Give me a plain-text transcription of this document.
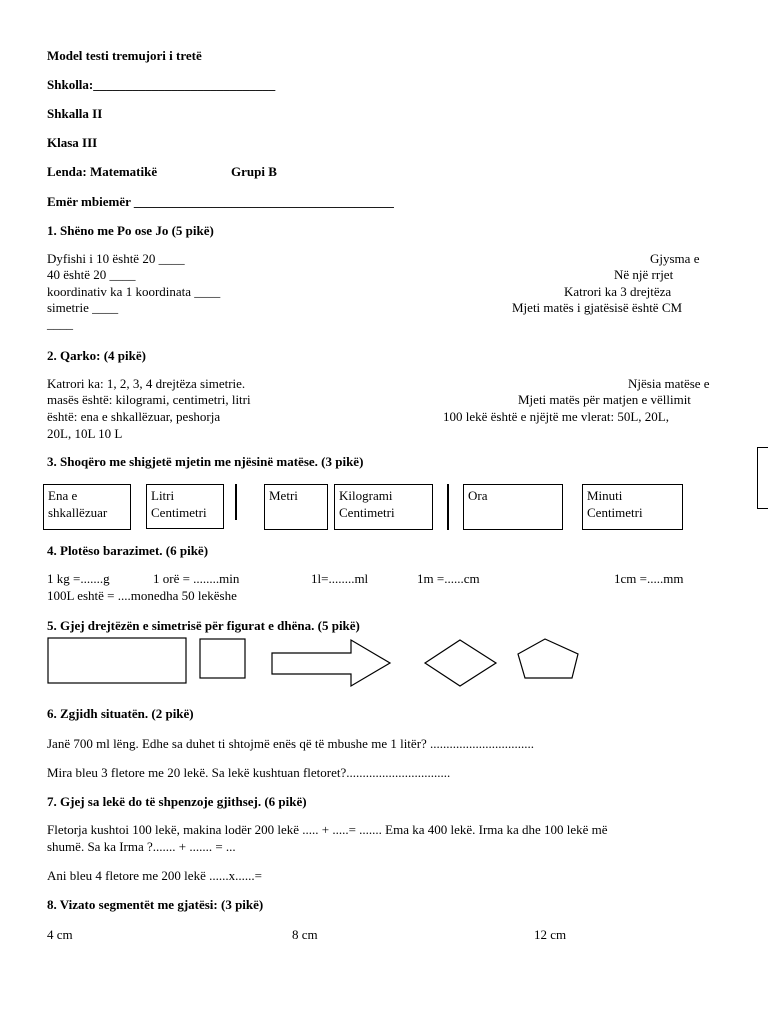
Model testi tremujori i tretë
Shkolla:____________________________
Shkalla II
Klasa III
Lenda: Matematikë	Grupi B
Emër mbiemër ________________________________________
1. Shëno me Po ose Jo (5 pikë)
Dyfishi i 10 është 20 ____	Gjysma e
40 është 20 ____	Në një rrjet
koordinativ ka 1 koordinata ____	Katrori ka 3 drejtëza
simetrie ____	Mjeti matës i gjatësisë është CM
____
2. Qarko: (4 pikë)
Katrori ka: 1, 2, 3, 4 drejtëza simetrie.	Njësia matëse e
masës është: kilogrami, centimetri, litri	Mjeti matës për matjen e vëllimit
është: ena e shkallëzuar, peshorja	100 lekë është e njëjtë me vlerat: 50L, 20L,
20L, 10L 10 L
3. Shoqëro me shigjetë mjetin me njësinë matëse. (3 pikë)
Ena e
shkallëzuar
Litri
Centimetri
Metri	Kilogrami
Centimetri
Ora	Minuti
Centimetri
4. Plotëso barazimet. (6 pikë)
1 kg =.......g	1 orë = ........min	1l=........ml	1m =......cm	1cm =.....mm
100L eshtë = ....monedha 50 lekëshe
5. Gjej drejtëzën e simetrisë për figurat e dhëna. (5 pikë)
6. Zgjidh situatën. (2 pikë)
Janë 700 ml lëng. Edhe sa duhet ti shtojmë enës që të mbushe me 1 litër? ................................
Mira bleu 3 fletore me 20 lekë. Sa lekë kushtuan fletoret?................................
7. Gjej sa lekë do të shpenzoje gjithsej. (6 pikë)
Fletorja kushtoi 100 lekë, makina lodër 200 lekë ..... + .....= ....... Ema ka 400 lekë. Irma ka dhe 100 lekë më
shumë. Sa ka Irma ?....... + ....... = ...
Ani bleu 4 fletore me 200 lekë ......x......=
8. Vizato segmentët me gjatësi: (3 pikë)
4 cm	8 cm	12 cm
